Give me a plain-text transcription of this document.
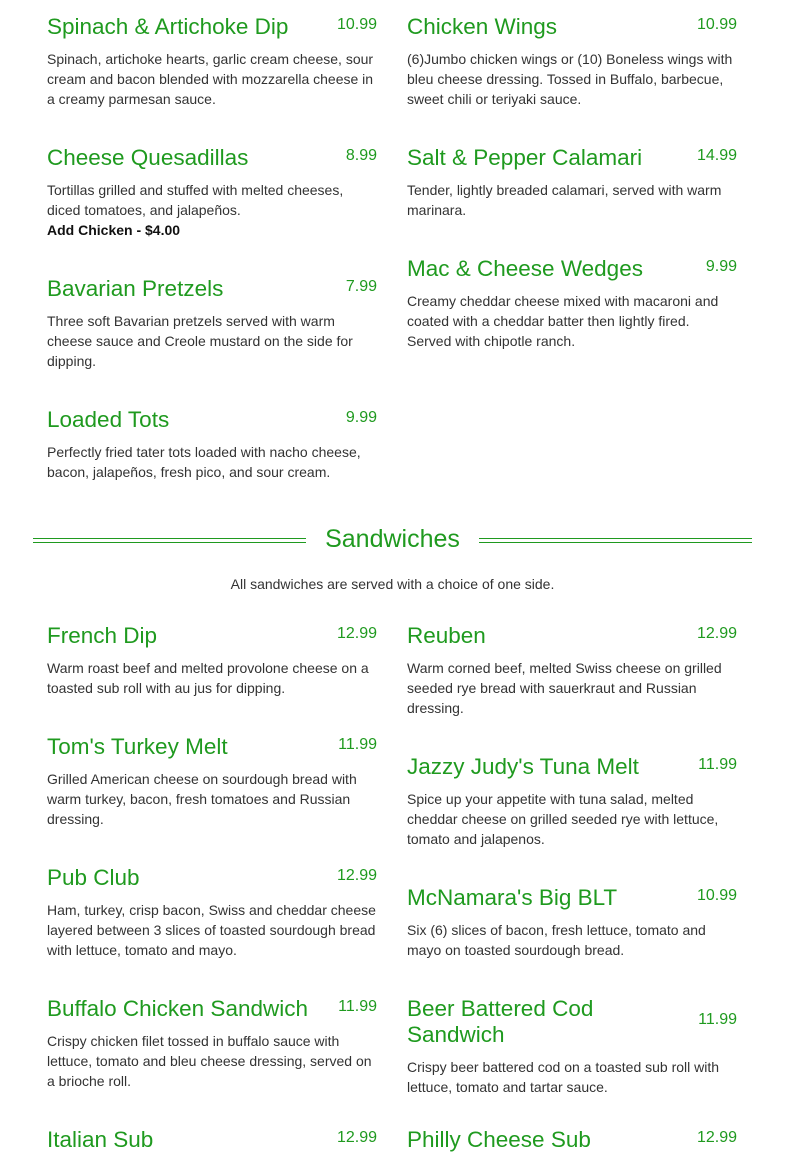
Spinach & Artichoke Dip	10.99
Spinach, artichoke hearts, garlic cream cheese, sour cream and bacon blended with mozzarella cheese in a creamy parmesan sauce.
Cheese Quesadillas	8.99
Tortillas grilled and stuffed with melted cheeses, diced tomatoes, and jalapeños.
Add Chicken - $4.00
Bavarian Pretzels	7.99
Three soft Bavarian pretzels served with warm cheese sauce and Creole mustard on the side for dipping.
Loaded Tots	9.99
Perfectly fried tater tots loaded with nacho cheese, bacon, jalapeños, fresh pico, and sour cream.
Chicken Wings	10.99
(6)Jumbo chicken wings or (10) Boneless wings with bleu cheese dressing. Tossed in Buffalo, barbecue, sweet chili or teriyaki sauce.
Salt & Pepper Calamari	14.99
Tender, lightly breaded calamari, served with warm marinara.
Mac & Cheese Wedges	9.99
Creamy cheddar cheese mixed with macaroni and coated with a cheddar batter then lightly fired. Served with chipotle ranch.
Sandwiches
All sandwiches are served with a choice of one side.
French Dip	12.99
Warm roast beef and melted provolone cheese on a toasted sub roll with au jus for dipping.
Tom's Turkey Melt	11.99
Grilled American cheese on sourdough bread with warm turkey, bacon, fresh tomatoes and Russian dressing.
Pub Club	12.99
Ham, turkey, crisp bacon, Swiss and cheddar cheese layered between 3 slices of toasted sourdough bread with lettuce, tomato and mayo.
Buffalo Chicken Sandwich 11.99
Crispy chicken filet tossed in buffalo sauce with lettuce, tomato and bleu cheese dressing, served on a brioche roll.
Italian Sub	12.99
Reuben	12.99
Warm corned beef, melted Swiss cheese on grilled seeded rye bread with sauerkraut and Russian dressing.
Jazzy Judy's Tuna Melt	11.99
Spice up your appetite with tuna salad, melted cheddar cheese on grilled seeded rye with lettuce, tomato and jalapenos.
McNamara's Big BLT	10.99
Six (6) slices of bacon, fresh lettuce, tomato and mayo on toasted sourdough bread.
Beer Battered Cod Sandwich
11.99
Crispy beer battered cod on a toasted sub roll with lettuce, tomato and tartar sauce.
Philly Cheese Sub	12.99
